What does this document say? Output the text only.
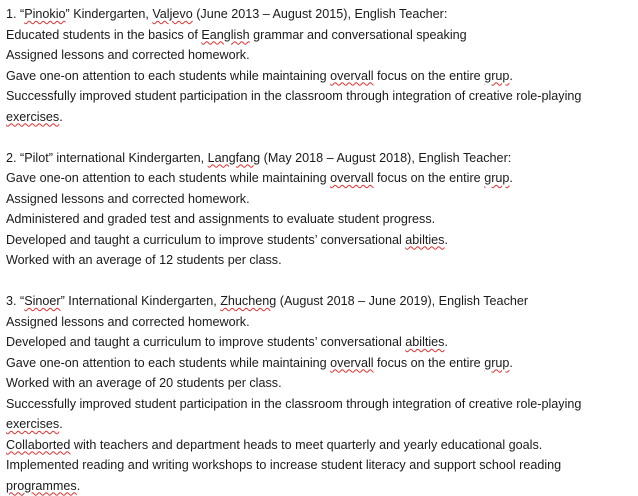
1. “Pinokio” Kindergarten, Valjevo (June 2013 – August 2015), English Teacher:
Educated students in the basics of Eanglish grammar and conversational speaking
Assigned lessons and corrected homework.
Gave one-on attention to each students while maintaining overvall focus on the entire grup.
Successfully improved student participation in the classroom through integration of creative role-playing exercises.
2. “Pilot” international Kindergarten, Langfang (May 2018 – August 2018), English Teacher:
Gave one-on attention to each students while maintaining overvall focus on the entire grup.
Assigned lessons and corrected homework.
Administered and graded test and assignments to evaluate student progress.
Developed and taught a curriculum to improve students’ conversational abilties.
Worked with an average of 12 students per class.
3. “Sinoer” International Kindergarten, Zhucheng (August 2018 – June 2019), English Teacher
Assigned lessons and corrected homework.
Developed and taught a curriculum to improve students’ conversational abilties.
Gave one-on attention to each students while maintaining overvall focus on the entire grup.
Worked with an average of 20 students per class.
Successfully improved student participation in the classroom through integration of creative role-playing exercises.
Collaborted with teachers and department heads to meet quarterly and yearly educational goals.
Implemented reading and writing workshops to increase student literacy and support school reading programmes.
